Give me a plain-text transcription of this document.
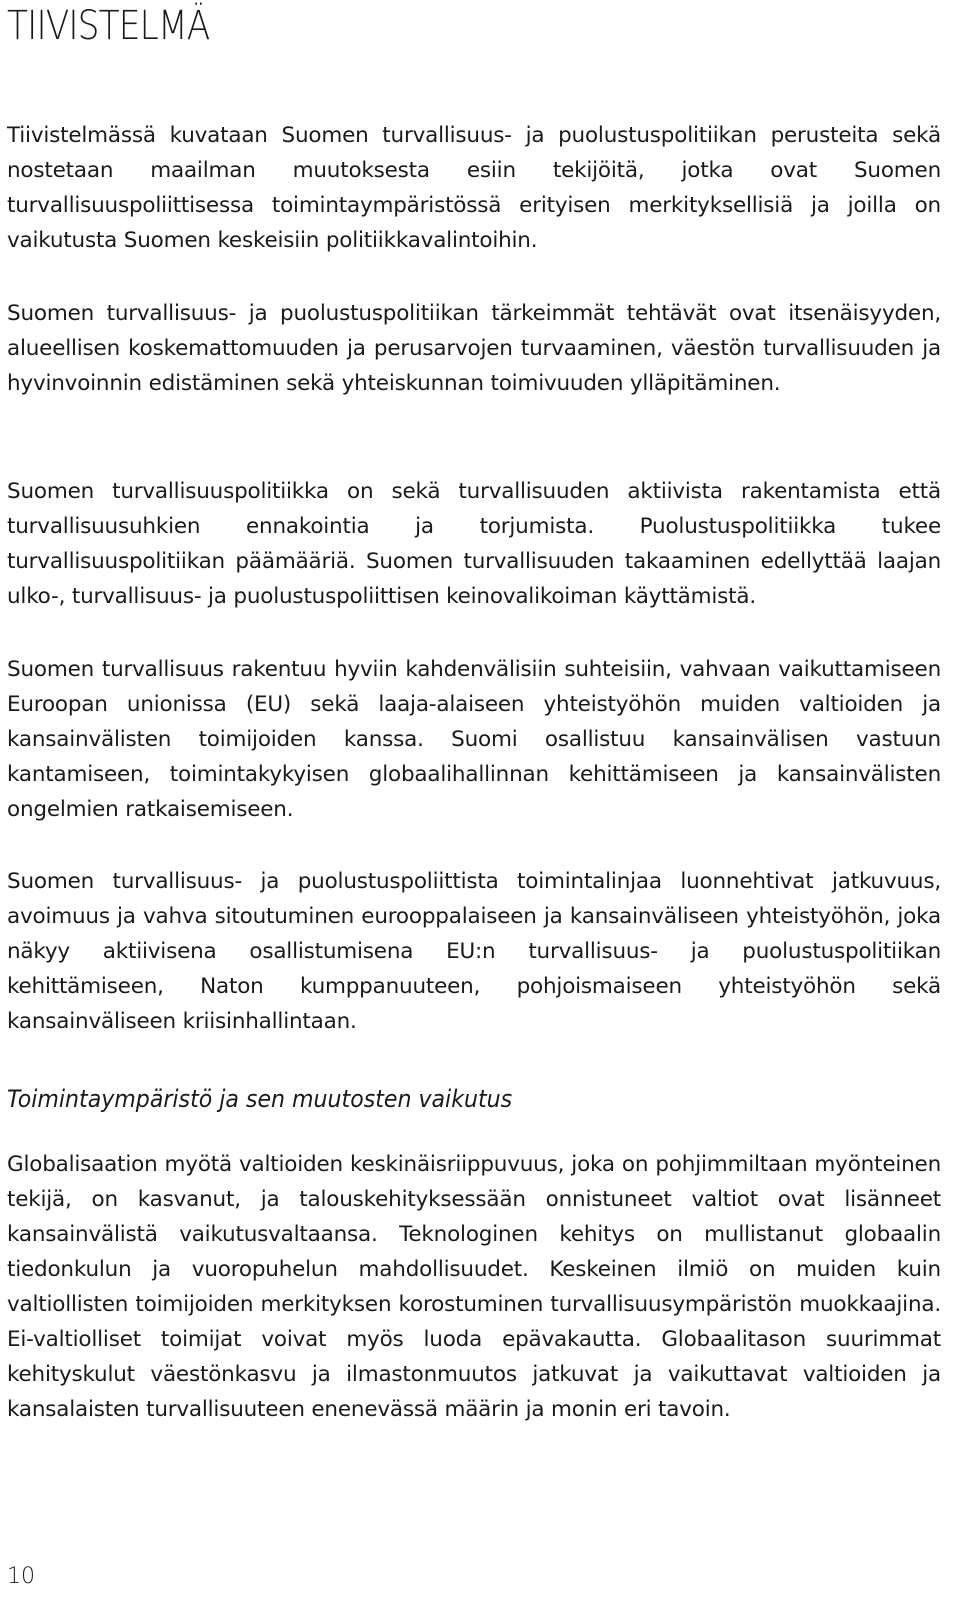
TIIVISTELMÄ

Tiivistelmässä kuvataan Suomen turvallisuus- ja puolustuspolitiikan perusteita sekä nostetaan maailman muutoksesta esiin tekijöitä, jotka ovat Suomen turvallisuuspoliittisessa toimintaympäristössä erityisen merkityksellisiä ja joilla on vaikutusta Suomen keskeisiin politiikkavalintoihin.

Suomen turvallisuus- ja puolustuspolitiikan tärkeimmät tehtävät ovat itsenäisyyden, alueellisen koskemattomuuden ja perusarvojen turvaaminen, väestön turvallisuuden ja hyvinvoinnin edistäminen sekä yhteiskunnan toimivuuden ylläpitäminen.

Suomen turvallisuuspolitiikka on sekä turvallisuuden aktiivista rakentamista että turvallisuusuhkien ennakointia ja torjumista. Puolustuspolitiikka tukee turvallisuuspolitiikan päämääriä. Suomen turvallisuuden takaaminen edellyttää laajan ulko-, turvallisuus- ja puolustuspoliittisen keinovalikoiman käyttämistä.

Suomen turvallisuus rakentuu hyviin kahdenvälisiin suhteisiin, vahvaan vaikuttamiseen Euroopan unionissa (EU) sekä laaja-alaiseen yhteistyöhön muiden valtioiden ja kansainvälisten toimijoiden kanssa. Suomi osallistuu kansainvälisen vastuun kantamiseen, toimintakykyisen globaalihallinnan kehittämiseen ja kansainvälisten ongelmien ratkaisemiseen.

Suomen turvallisuus- ja puolustuspoliittista toimintalinjaa luonnehtivat jatkuvuus, avoimuus ja vahva sitoutuminen eurooppalaiseen ja kansainväliseen yhteistyöhön, joka näkyy aktiivisena osallistumisena EU:n turvallisuus- ja puolustuspolitiikan kehittämiseen, Naton kumppanuuteen, pohjoismaiseen yhteistyöhön sekä kansainväliseen kriisinhallintaan.

Toimintaympäristö ja sen muutosten vaikutus

Globalisaation myötä valtioiden keskinäisriippuvuus, joka on pohjimmiltaan myönteinen tekijä, on kasvanut, ja talouskehityksessään onnistuneet valtiot ovat lisänneet kansainvälistä vaikutusvaltaansa. Teknologinen kehitys on mullistanut globaalin tiedonkulun ja vuoropuhelun mahdollisuudet. Keskeinen ilmiö on muiden kuin valtiollisten toimijoiden merkityksen korostuminen turvallisuusympäristön muokkaajina. Ei-valtiolliset toimijat voivat myös luoda epävakautta. Globaalitason suurimmat kehityskulut väestönkasvu ja ilmastonmuutos jatkuvat ja vaikuttavat valtioiden ja kansalaisten turvallisuuteen enenevässä määrin ja monin eri tavoin.

10
